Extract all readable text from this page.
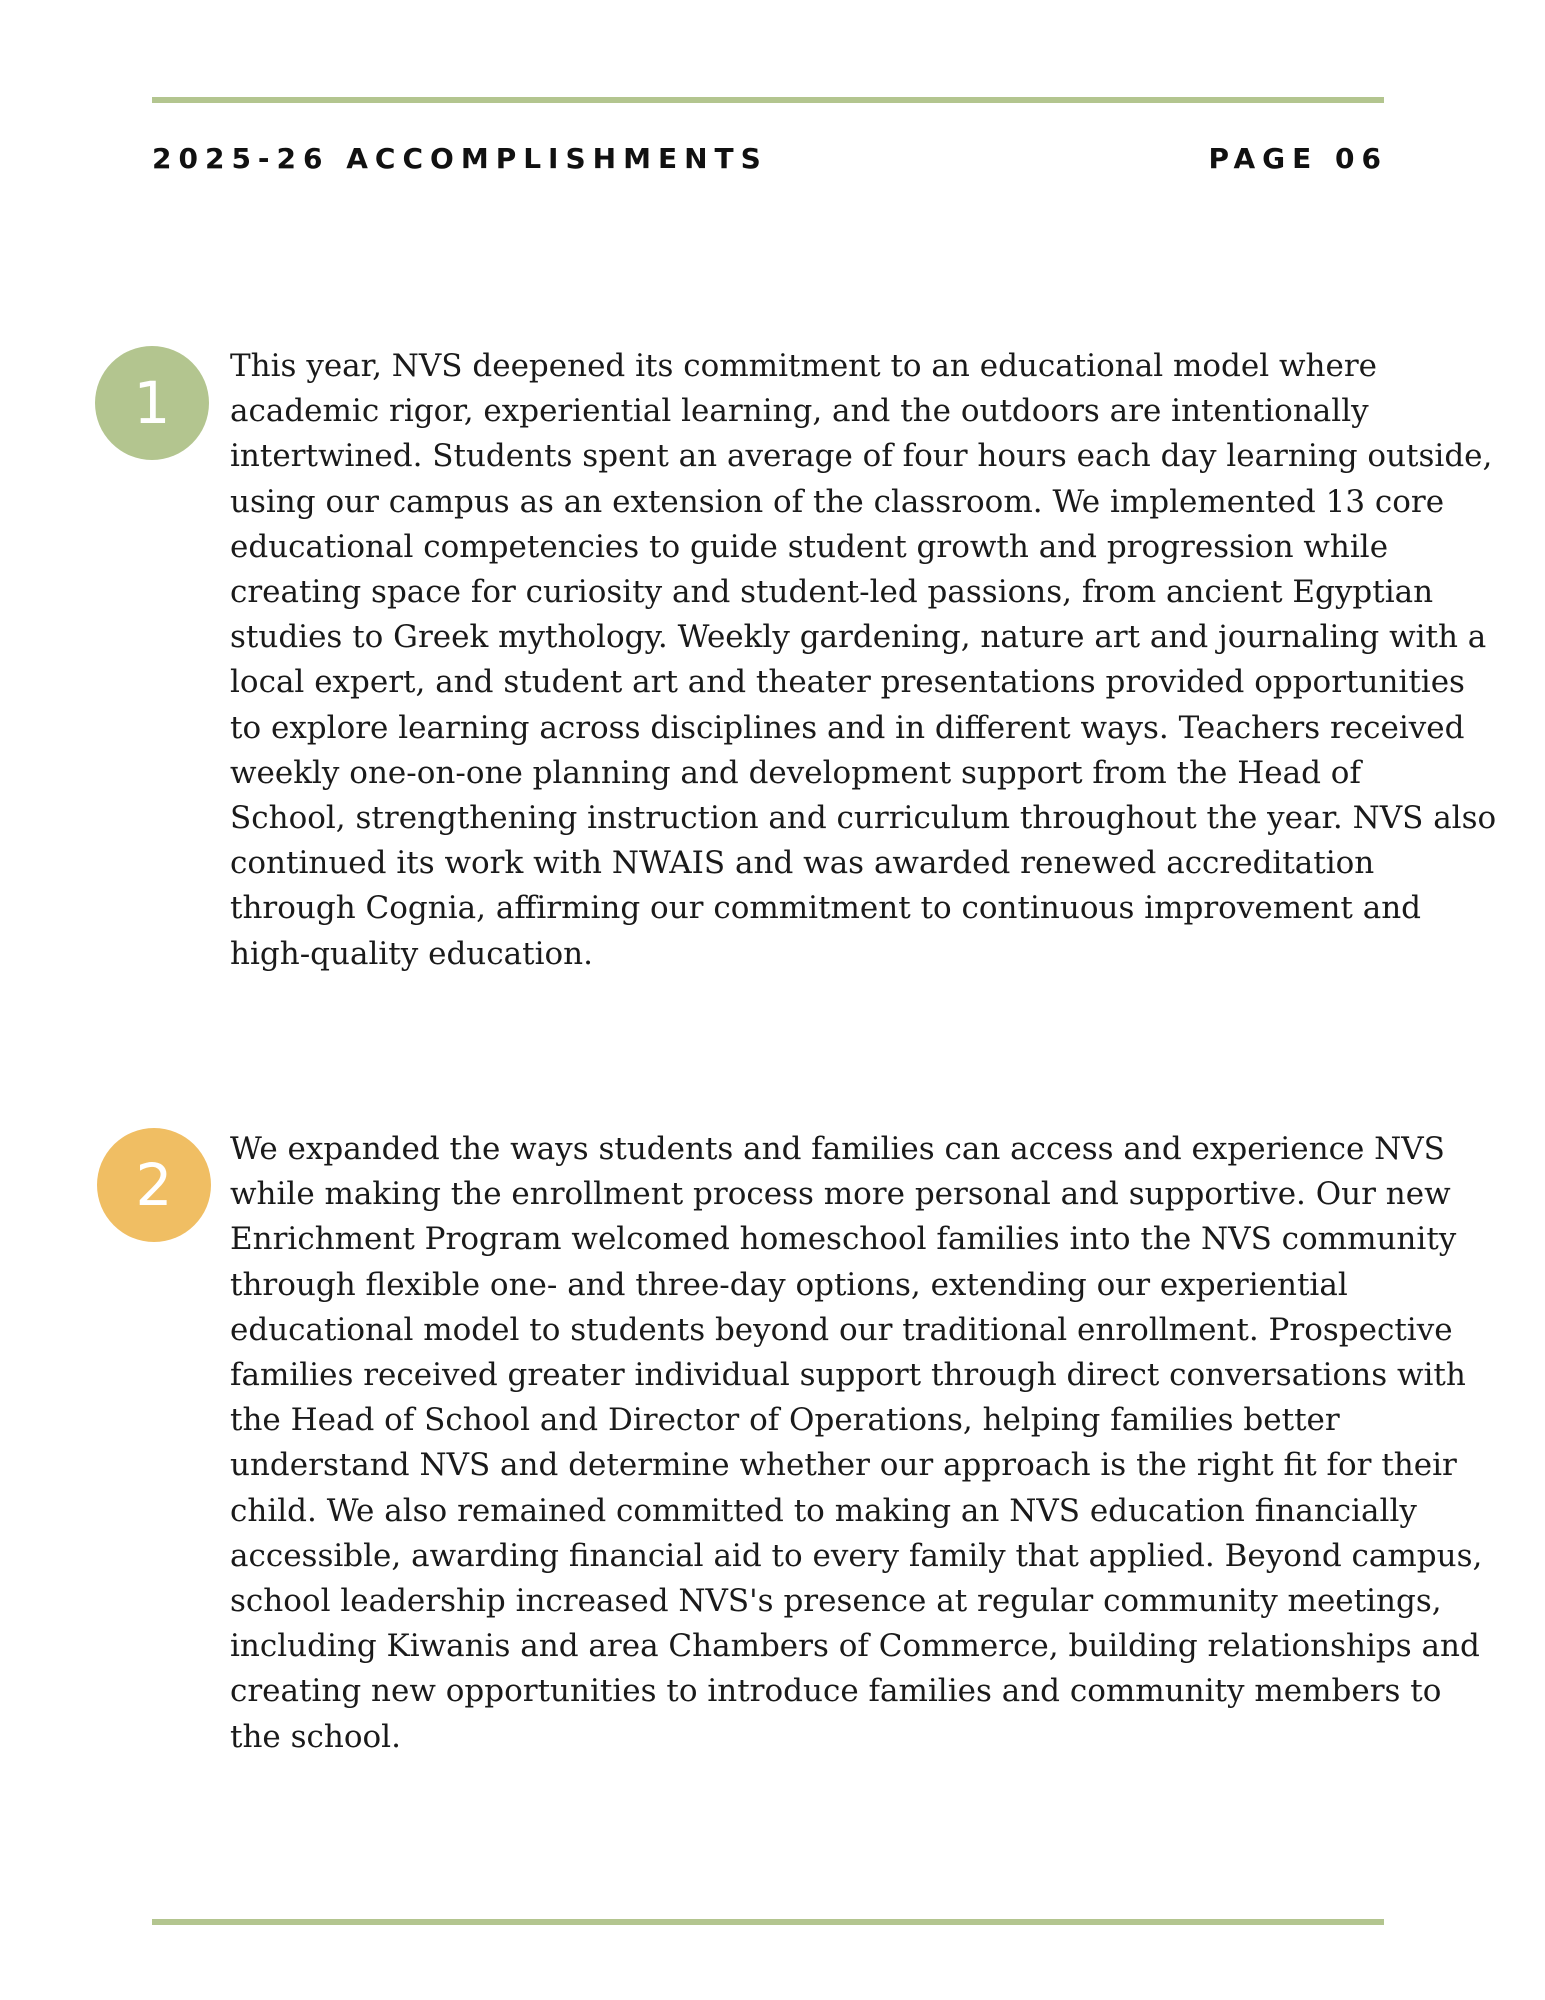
2025-26 ACCOMPLISHMENTS	PAGE 06
1

This year, NVS deepened its commitment to an educational model where
academic rigor, experiential learning, and the outdoors are intentionally
intertwined. Students spent an average of four hours each day learning outside,
using our campus as an extension of the classroom. We implemented 13 core
educational competencies to guide student growth and progression while
creating space for curiosity and student-led passions, from ancient Egyptian
studies to Greek mythology. Weekly gardening, nature art and journaling with a
local expert, and student art and theater presentations provided opportunities
to explore learning across disciplines and in different ways. Teachers received
weekly one-on-one planning and development support from the Head of
School, strengthening instruction and curriculum throughout the year. NVS also
continued its work with NWAIS and was awarded renewed accreditation
through Cognia, affirming our commitment to continuous improvement and
high-quality education.

2

We expanded the ways students and families can access and experience NVS
while making the enrollment process more personal and supportive. Our new
Enrichment Program welcomed homeschool families into the NVS community
through flexible one- and three-day options, extending our experiential
educational model to students beyond our traditional enrollment. Prospective
families received greater individual support through direct conversations with
the Head of School and Director of Operations, helping families better
understand NVS and determine whether our approach is the right fit for their
child. We also remained committed to making an NVS education financially
accessible, awarding financial aid to every family that applied. Beyond campus,
school leadership increased NVS's presence at regular community meetings,
including Kiwanis and area Chambers of Commerce, building relationships and
creating new opportunities to introduce families and community members to
the school.
